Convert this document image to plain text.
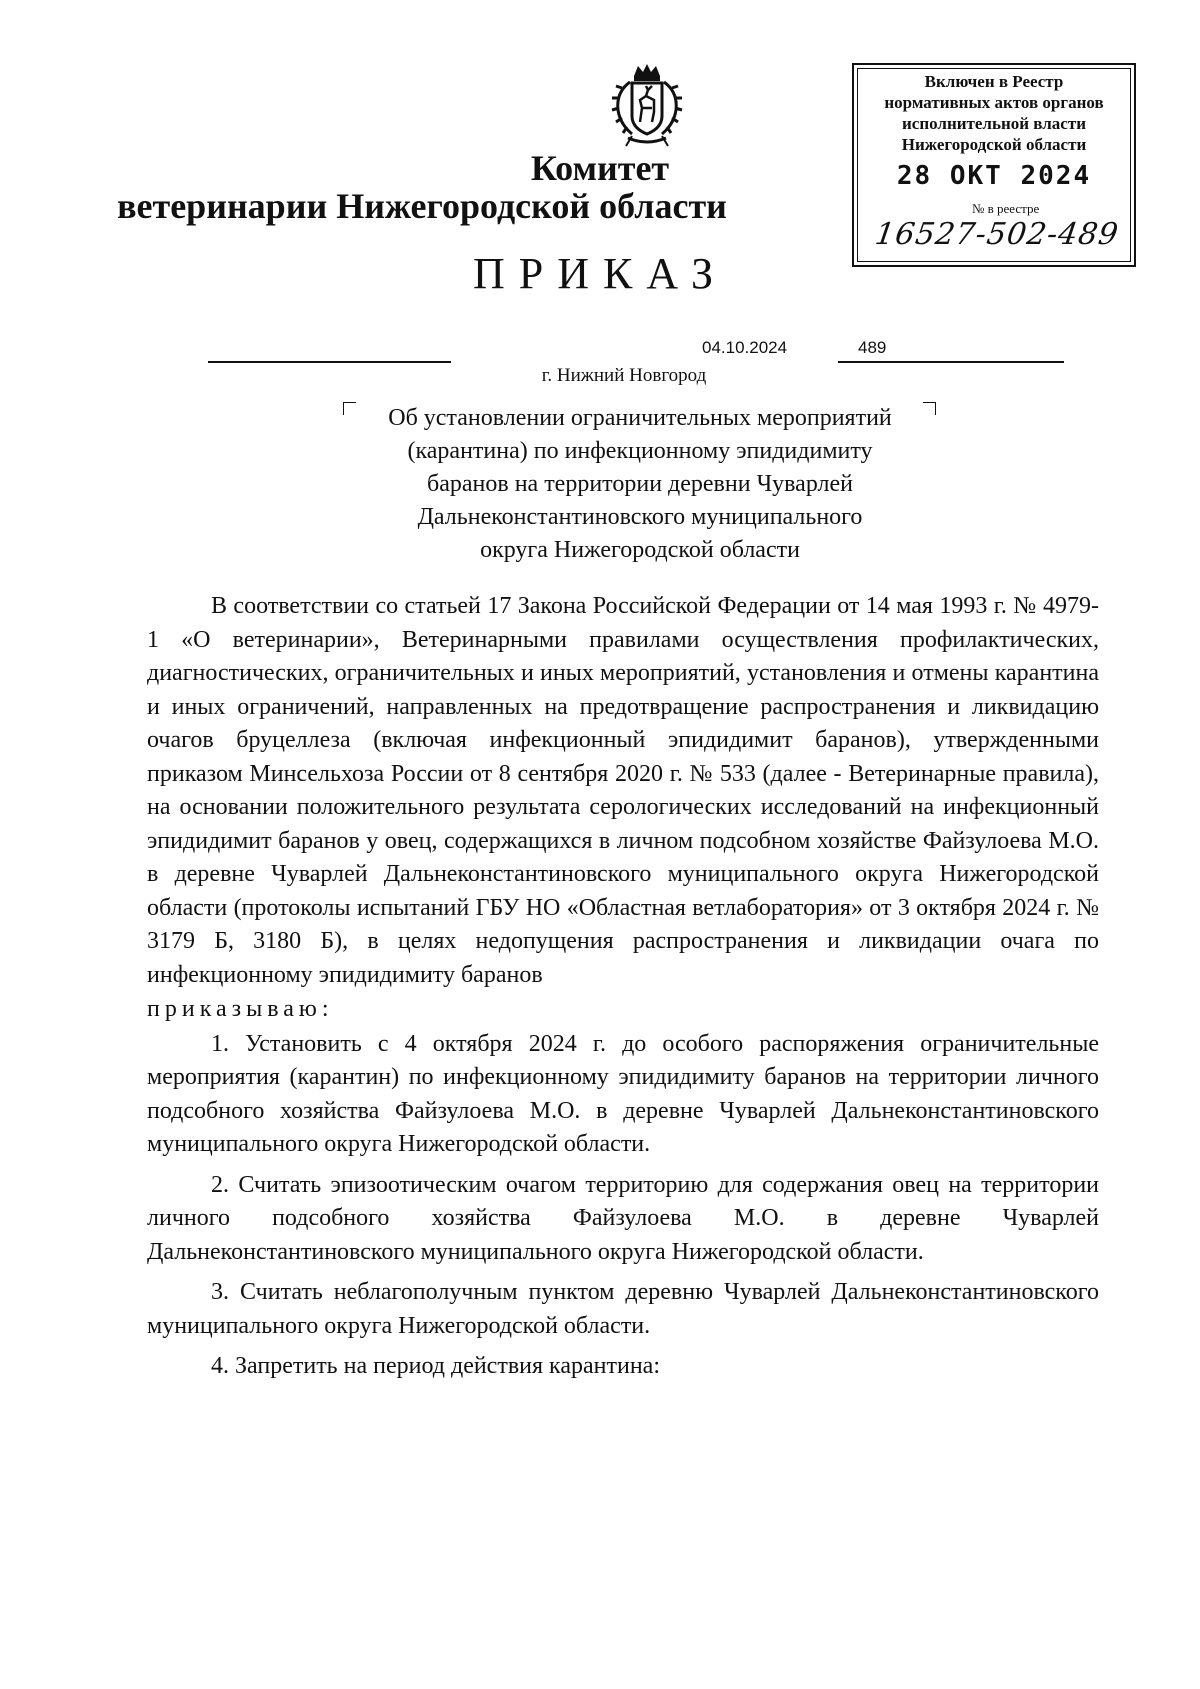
Комитет
ветеринарии Нижегородской области
ПРИКАЗ
Включен в Реестр
нормативных актов органов
исполнительной власти
Нижегородской области
28 ОКТ 2024
№ в реестре
16527-502-489
04.10.2024	489
г. Нижний Новгород
Об установлении ограничительных мероприятий
(карантина) по инфекционному эпидидимиту
баранов на территории деревни Чуварлей
Дальнеконстантиновского муниципального
округа Нижегородской области

В соответствии со статьей 17 Закона Российской Федерации от 14 мая 1993 г. № 4979-1 «О ветеринарии», Ветеринарными правилами осуществления профилактических, диагностических, ограничительных и иных мероприятий, установления и отмены карантина и иных ограничений, направленных на предотвращение распространения и ликвидацию очагов бруцеллеза (включая инфекционный эпидидимит баранов), утвержденными приказом Минсельхоза России от 8 сентября 2020 г. № 533 (далее - Ветеринарные правила), на основании положительного результата серологических исследований на инфекционный эпидидимит баранов у овец, содержащихся в личном подсобном хозяйстве Файзулоева М.О. в деревне Чуварлей Дальнеконстантиновского муниципального округа Нижегородской области (протоколы испытаний ГБУ НО «Областная ветлаборатория» от 3 октября 2024 г. № 3179 Б, 3180 Б), в целях недопущения распространения и ликвидации очага по инфекционному эпидидимиту баранов

приказываю:

1. Установить с 4 октября 2024 г. до особого распоряжения ограничительные мероприятия (карантин) по инфекционному эпидидимиту баранов на территории личного подсобного хозяйства Файзулоева М.О. в деревне Чуварлей Дальнеконстантиновского муниципального округа Нижегородской области.

2. Считать эпизоотическим очагом территорию для содержания овец на территории личного подсобного хозяйства Файзулоева М.О. в деревне Чуварлей Дальнеконстантиновского муниципального округа Нижегородской области.

3. Считать неблагополучным пунктом деревню Чуварлей Дальнеконстантиновского муниципального округа Нижегородской области.

4. Запретить на период действия карантина:
